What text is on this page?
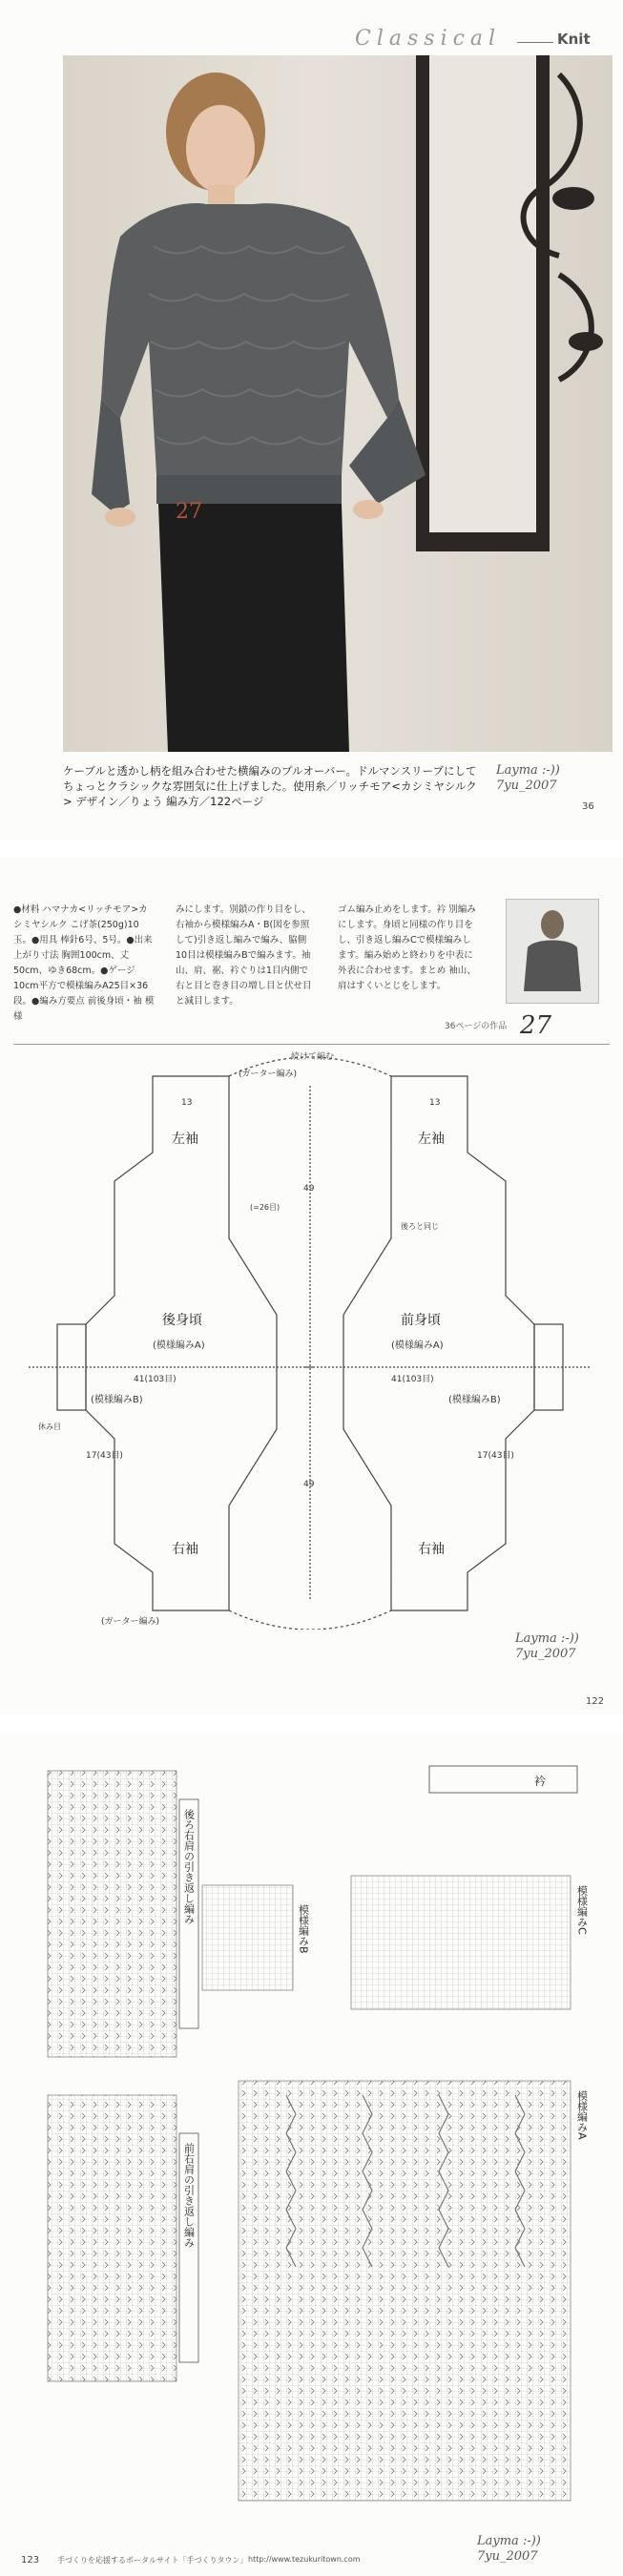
Classical	Knit
27
ケーブルと透かし柄を組み合わせた横編みのプルオーバー。ドルマンスリーブにしてちょっとクラシックな雰囲気に仕上げました。使用糸／リッチモア<カシミヤシルク> デザイン／りょう 編み方／122ページ
Layma :-))
7yu_2007
36
●材料 ハマナカ<リッチモア>カシミヤシルク こげ茶(250g)10玉。●用具 棒針6号、5号。●出来上がり寸法 胸囲100cm、丈50cm、ゆき68cm。●ゲージ 10cm平方で模様編みA25目×36段。●編み方要点 前後身頃・袖 模様
みにします。別鎖の作り目をし、右袖から模様編みA・B(図を参照して)引き返し編みで編み、脇側10目は模様編みBで編みます。袖山、肩、裾、衿ぐりは1目内側で右と目と巻き目の増し目と伏せ目と減目します。
ゴム編み止めをします。衿 別編みにします。身頃と同様の作り目をし、引き返し編みCで模様編みします。編み始めと終わりを中表に外表に合わせます。まとめ 袖山、肩はすくいとじをします。
36ページの作品 27
続けて編む
左袖	左袖
右袖	右袖
後身頃	前身頃
(模様編みA)	(模様編みA)
(模様編みB)	(模様編みB)
(ガーター編み)
(ガーター編み)
41(103目)	41(103目)
17(43目)	17(43目)
49
49
13	13
(=26目)
後ろと同じ
休み目
Layma :-))
7yu_2007
122
後ろ右肩の引き返し編み
前右肩の引き返し編み
模様編みB
衿
模様編みC
模様編みA
Layma :-))
7yu_2007
123 手づくりを応援するポータルサイト「手づくりタウン」 http://www.tezukuritown.com
